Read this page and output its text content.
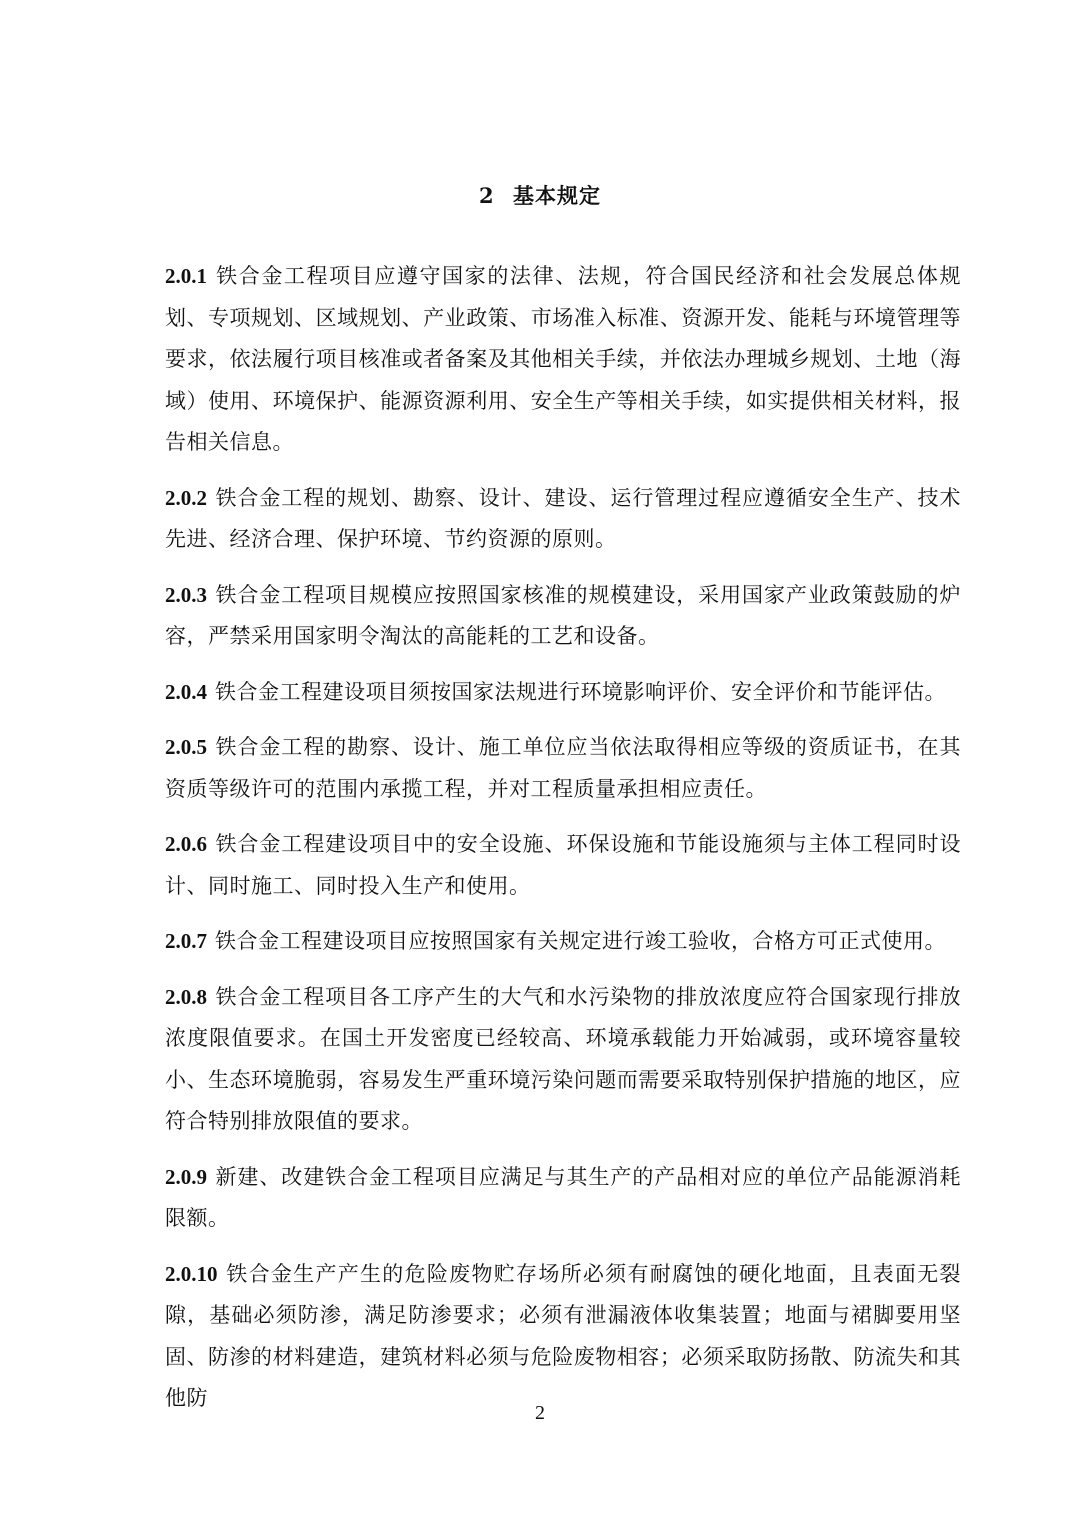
2 基本规定

2.0.1 铁合金工程项目应遵守国家的法律、法规，符合国民经济和社会发展总体规划、专项规划、区域规划、产业政策、市场准入标准、资源开发、能耗与环境管理等要求，依法履行项目核准或者备案及其他相关手续，并依法办理城乡规划、土地（海域）使用、环境保护、能源资源利用、安全生产等相关手续，如实提供相关材料，报告相关信息。

2.0.2 铁合金工程的规划、勘察、设计、建设、运行管理过程应遵循安全生产、技术先进、经济合理、保护环境、节约资源的原则。

2.0.3 铁合金工程项目规模应按照国家核准的规模建设，采用国家产业政策鼓励的炉容，严禁采用国家明令淘汰的高能耗的工艺和设备。

2.0.4 铁合金工程建设项目须按国家法规进行环境影响评价、安全评价和节能评估。

2.0.5 铁合金工程的勘察、设计、施工单位应当依法取得相应等级的资质证书，在其资质等级许可的范围内承揽工程，并对工程质量承担相应责任。

2.0.6 铁合金工程建设项目中的安全设施、环保设施和节能设施须与主体工程同时设计、同时施工、同时投入生产和使用。

2.0.7 铁合金工程建设项目应按照国家有关规定进行竣工验收，合格方可正式使用。

2.0.8 铁合金工程项目各工序产生的大气和水污染物的排放浓度应符合国家现行排放浓度限值要求。在国土开发密度已经较高、环境承载能力开始减弱，或环境容量较小、生态环境脆弱，容易发生严重环境污染问题而需要采取特别保护措施的地区，应符合特别排放限值的要求。

2.0.9 新建、改建铁合金工程项目应满足与其生产的产品相对应的单位产品能源消耗限额。

2.0.10 铁合金生产产生的危险废物贮存场所必须有耐腐蚀的硬化地面，且表面无裂隙，基础必须防渗，满足防渗要求；必须有泄漏液体收集装置；地面与裙脚要用坚固、防渗的材料建造，建筑材料必须与危险废物相容；必须采取防扬散、防流失和其他防

2
